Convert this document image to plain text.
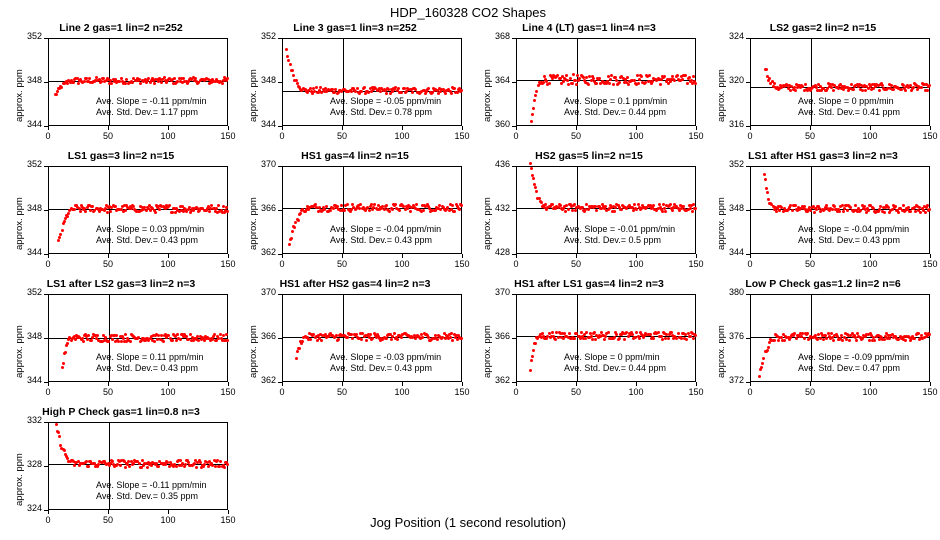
HDP_160328 CO2 Shapes
Line 2 gas=1 lin=2 n=252
344
348
352
0	50	100	150
approx. ppm	Ave. Slope = -0.11 ppm/min
Ave. Std. Dev.= 1.17 ppm
Line 3 gas=1 lin=3 n=252
344
348
352
0	50	100	150
approx. ppm	Ave. Slope = -0.05 ppm/min
Ave. Std. Dev.= 0.78 ppm
Line 4 (LT) gas=1 lin=4 n=3
360
364
368
0	50	100	150
approx. ppm	Ave. Slope = 0.1 ppm/min
Ave. Std. Dev.= 0.44 ppm
LS2 gas=2 lin=2 n=15
316
320
324
0	50	100	150
approx. ppm	Ave. Slope = 0 ppm/min
Ave. Std. Dev.= 0.41 ppm
LS1 gas=3 lin=2 n=15
344
348
352
0	50	100	150
approx. ppm	Ave. Slope = 0.03 ppm/min
Ave. Std. Dev.= 0.43 ppm
HS1 gas=4 lin=2 n=15
362
366
370
0	50	100	150
approx. ppm	Ave. Slope = -0.04 ppm/min
Ave. Std. Dev.= 0.43 ppm
HS2 gas=5 lin=2 n=15
428
432
436
0	50	100	150
approx. ppm	Ave. Slope = -0.01 ppm/min
Ave. Std. Dev.= 0.5 ppm
LS1 after HS1 gas=3 lin=2 n=3
344
348
352
0	50	100	150
approx. ppm	Ave. Slope = -0.04 ppm/min
Ave. Std. Dev.= 0.43 ppm
LS1 after LS2 gas=3 lin=2 n=3
344
348
352
0	50	100	150
approx. ppm	Ave. Slope = 0.11 ppm/min
Ave. Std. Dev.= 0.43 ppm
HS1 after HS2 gas=4 lin=2 n=3
362
366
370
0	50	100	150
approx. ppm	Ave. Slope = -0.03 ppm/min
Ave. Std. Dev.= 0.43 ppm
HS1 after LS1 gas=4 lin=2 n=3
362
366
370
0	50	100	150
approx. ppm	Ave. Slope = 0 ppm/min
Ave. Std. Dev.= 0.44 ppm
Low P Check gas=1.2 lin=2 n=6
372
376
380
0	50	100	150
approx. ppm	Ave. Slope = -0.09 ppm/min
Ave. Std. Dev.= 0.47 ppm
High P Check gas=1 lin=0.8 n=3
324
328
332
0	50	100	150
approx. ppm	Ave. Slope = -0.11 ppm/min
Ave. Std. Dev.= 0.35 ppm
Jog Position (1 second resolution)
